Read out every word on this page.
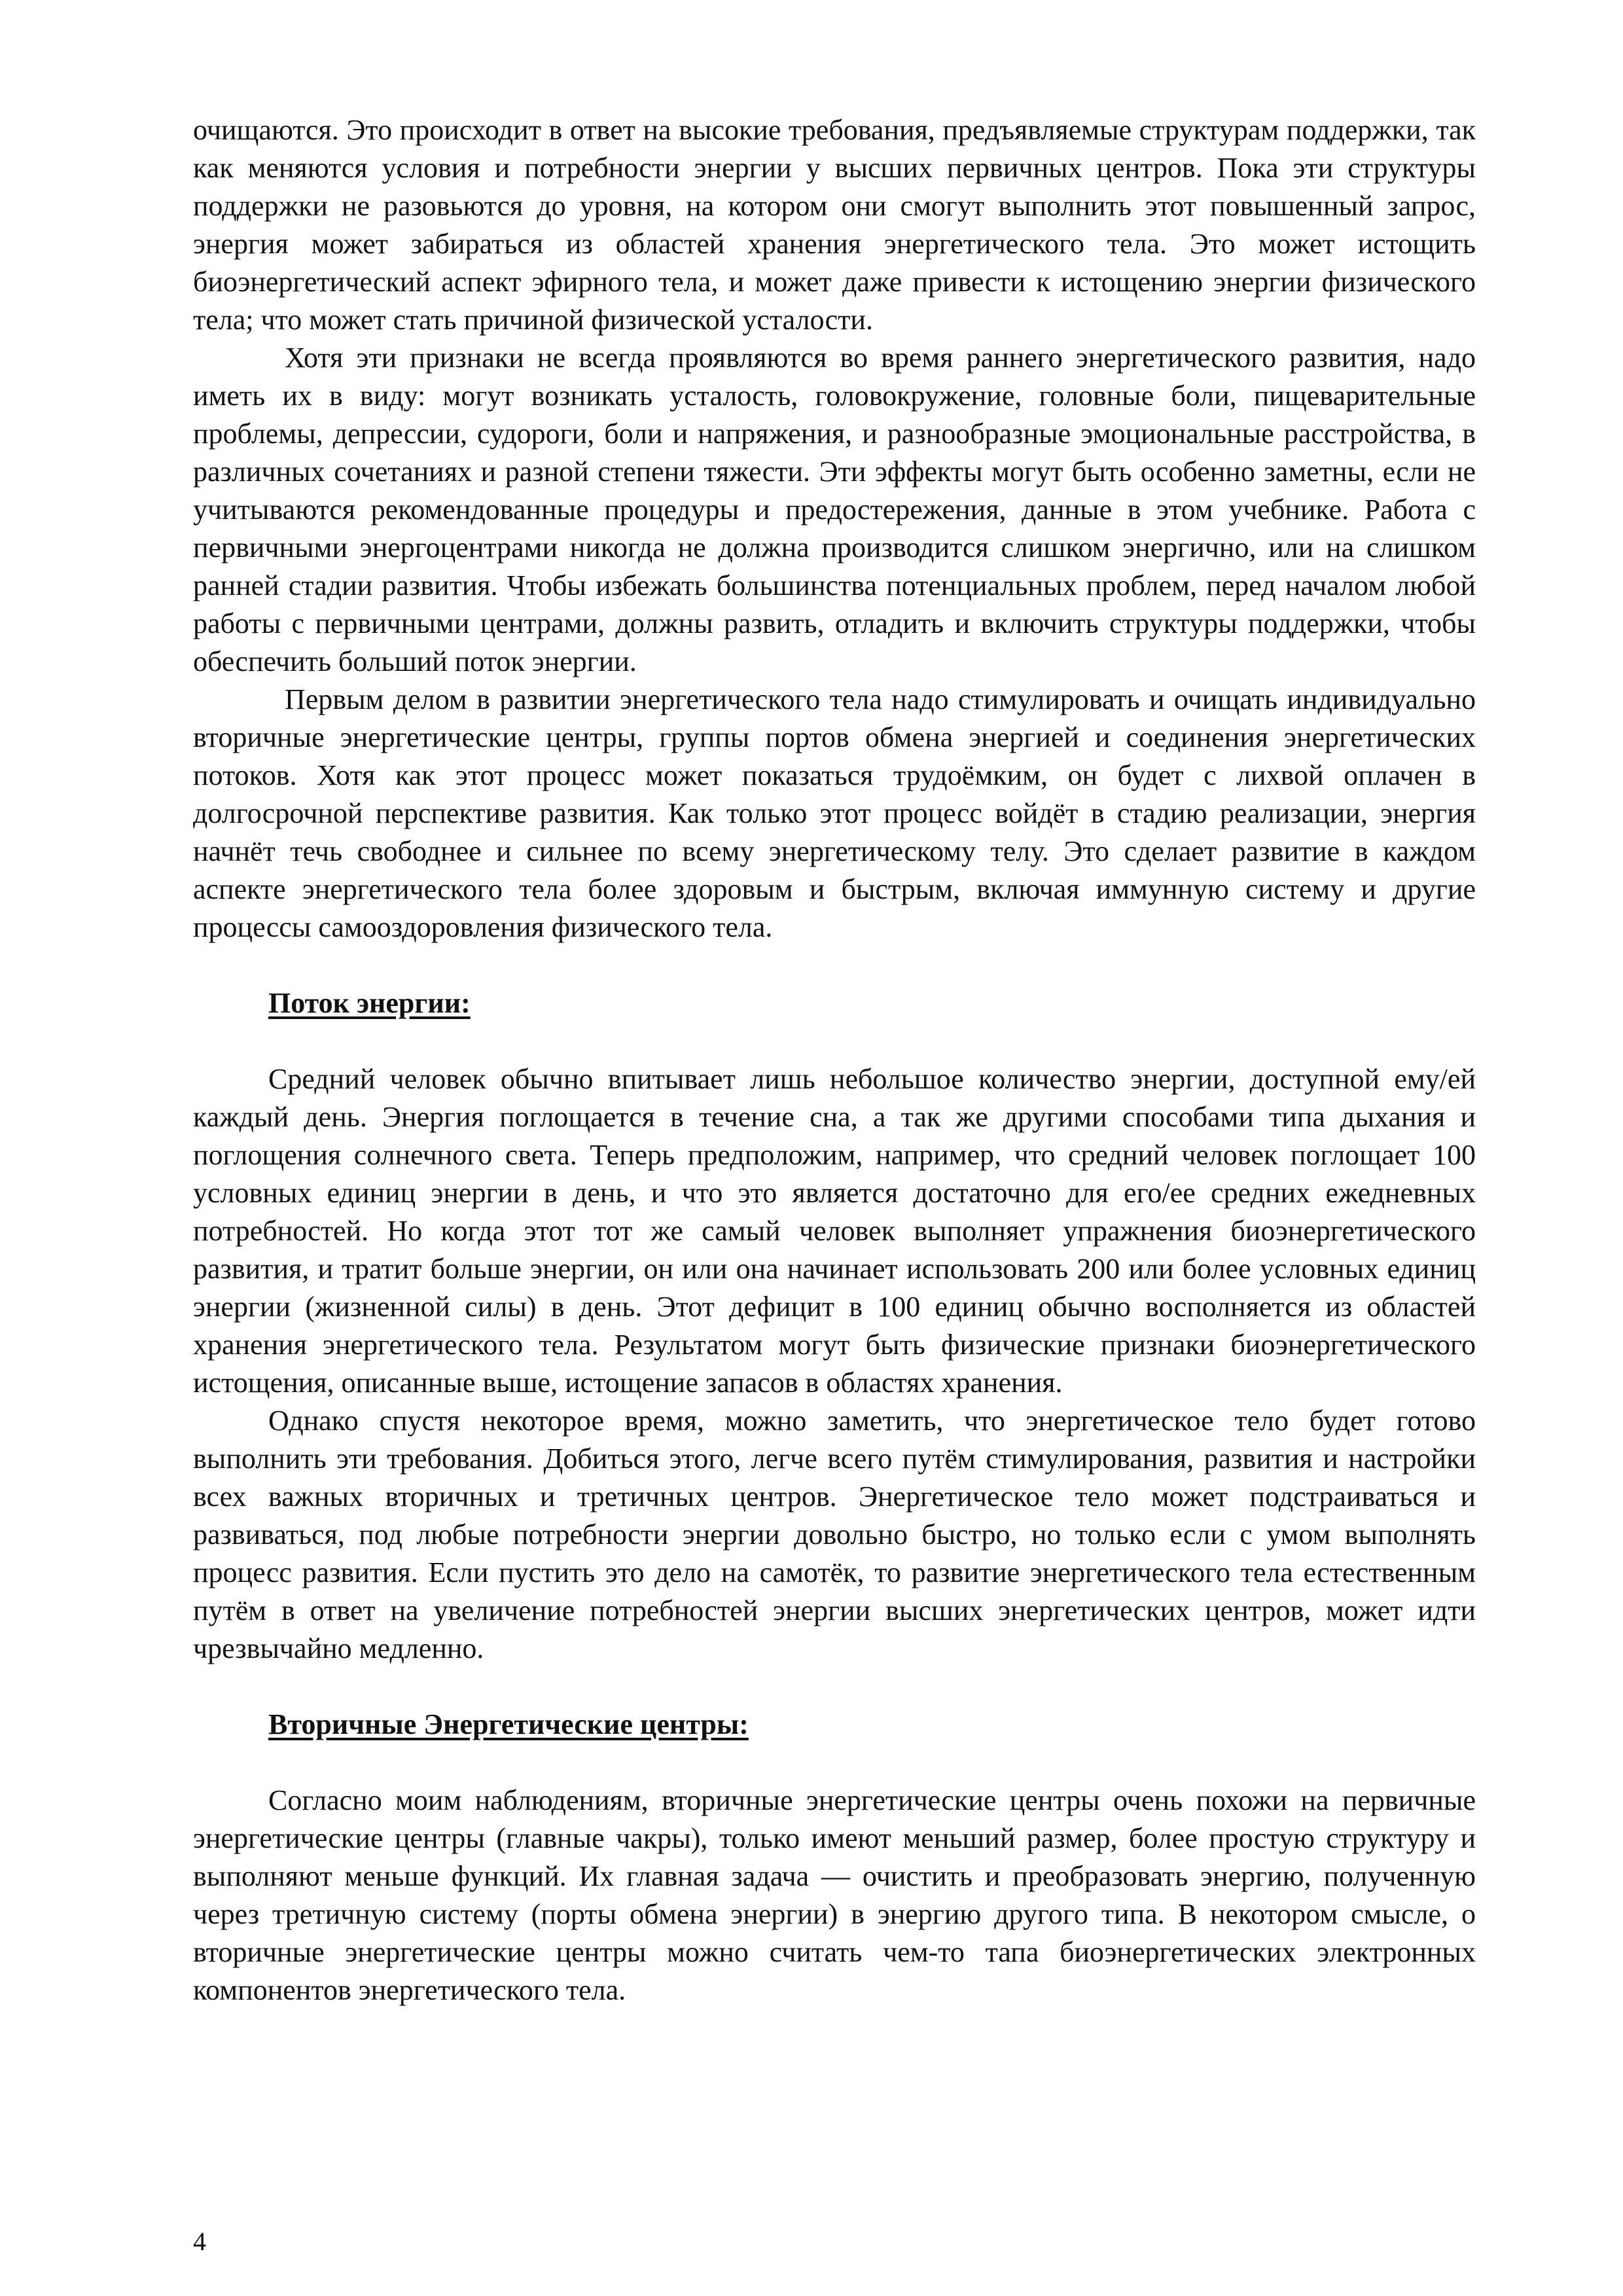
очищаются. Это происходит в ответ на высокие требования, предъявляемые структурам поддержки, так как меняются условия и потребности энергии у высших первичных центров. Пока эти структуры поддержки не разовьются до уровня, на котором они смогут выполнить этот повышенный запрос, энергия может забираться из областей хранения энергетического тела. Это может истощить биоэнергетический аспект эфирного тела, и может даже привести к истощению энергии физического тела; что может стать причиной физической усталости.

Хотя эти признаки не всегда проявляются во время раннего энергетического развития, надо иметь их в виду: могут возникать усталость, головокружение, головные боли, пищеварительные проблемы, депрессии, судороги, боли и напряжения, и разнообразные эмоциональные расстройства, в различных сочетаниях и разной степени тяжести. Эти эффекты могут быть особенно заметны, если не учитываются рекомендованные процедуры и предостережения, данные в этом учебнике. Работа с первичными энергоцентрами никогда не должна производится слишком энергично, или на слишком ранней стадии развития. Чтобы избежать большинства потенциальных проблем, перед началом любой работы с первичными центрами, должны развить, отладить и включить структуры поддержки, чтобы обеспечить больший поток энергии.

Первым делом в развитии энергетического тела надо стимулировать и очищать индивидуально вторичные энергетические центры, группы портов обмена энергией и соединения энергетических потоков. Хотя как этот процесс может показаться трудоёмким, он будет с лихвой оплачен в долгосрочной перспективе развития. Как только этот процесс войдёт в стадию реализации, энергия начнёт течь свободнее и сильнее по всему энергетическому телу. Это сделает развитие в каждом аспекте энергетического тела более здоровым и быстрым, включая иммунную систему и другие процессы самооздоровления физического тела.

Поток энергии:

Средний человек обычно впитывает лишь небольшое количество энергии, доступной ему/ей каждый день. Энергия поглощается в течение сна, а так же другими способами типа дыхания и поглощения солнечного света. Теперь предположим, например, что средний человек поглощает 100 условных единиц энергии в день, и что это является достаточно для его/ее средних ежедневных потребностей. Но когда этот тот же самый человек выполняет упражнения биоэнергетического развития, и тратит больше энергии, он или она начинает использовать 200 или более условных единиц энергии (жизненной силы) в день. Этот дефицит в 100 единиц обычно восполняется из областей хранения энергетического тела. Результатом могут быть физические признаки биоэнергетического истощения, описанные выше, истощение запасов в областях хранения.

Однако спустя некоторое время, можно заметить, что энергетическое тело будет готово выполнить эти требования. Добиться этого, легче всего путём стимулирования, развития и настройки всех важных вторичных и третичных центров. Энергетическое тело может подстраиваться и развиваться, под любые потребности энергии довольно быстро, но только если с умом выполнять процесс развития. Если пустить это дело на самотёк, то развитие энергетического тела естественным путём в ответ на увеличение потребностей энергии высших энергетических центров, может идти чрезвычайно медленно.

Вторичные Энергетические центры:

Согласно моим наблюдениям, вторичные энергетические центры очень похожи на первичные энергетические центры (главные чакры), только имеют меньший размер, более простую структуру и выполняют меньше функций. Их главная задача — очистить и преобразовать энергию, полученную через третичную систему (порты обмена энергии) в энергию другого типа. В некотором смысле, о вторичные энергетические центры можно считать чем-то тапа биоэнергетических электронных компонентов энергетического тела.

4
